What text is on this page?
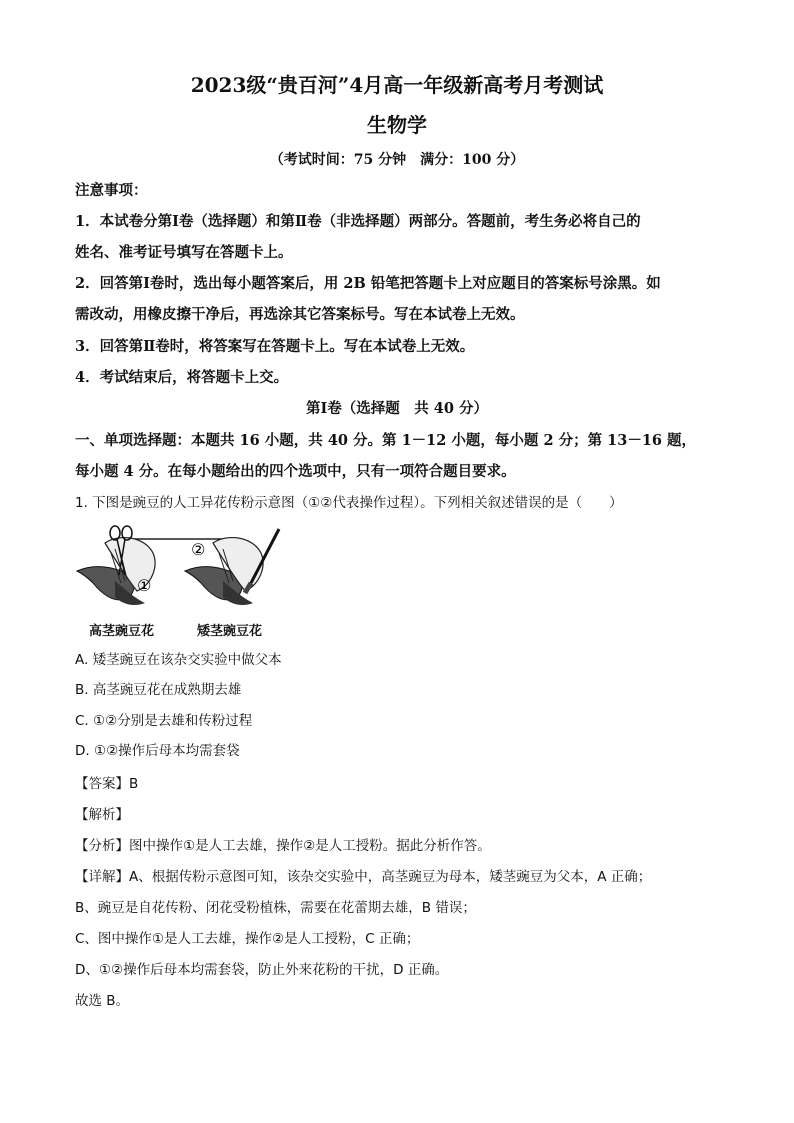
2023级“贵百河”4月高一年级新高考月考测试
生物学
（考试时间：75 分钟　满分：100 分）
注意事项：
1．本试卷分第Ⅰ卷（选择题）和第Ⅱ卷（非选择题）两部分。答题前，考生务必将自己的
姓名、准考证号填写在答题卡上。
2．回答第Ⅰ卷时，选出每小题答案后，用 2B 铅笔把答题卡上对应题目的答案标号涂黑。如
需改动，用橡皮擦干净后，再选涂其它答案标号。写在本试卷上无效。
3．回答第Ⅱ卷时，将答案写在答题卡上。写在本试卷上无效。
4．考试结束后，将答题卡上交。
第Ⅰ卷（选择题　共 40 分）
一、单项选择题：本题共 16 小题，共 40 分。第 1－12 小题，每小题 2 分；第 13－16 题，
每小题 4 分。在每小题给出的四个选项中，只有一项符合题目要求。
1. 下图是豌豆的人工异花传粉示意图（①②代表操作过程）。下列相关叙述错误的是（　　）
①
②
高茎豌豆花	矮茎豌豆花
A. 矮茎豌豆在该杂交实验中做父本
B. 高茎豌豆花在成熟期去雄
C. ①②分别是去雄和传粉过程
D. ①②操作后母本均需套袋
【答案】B
【解析】
【分析】图中操作①是人工去雄，操作②是人工授粉。据此分析作答。
【详解】A、根据传粉示意图可知，该杂交实验中，高茎豌豆为母本，矮茎豌豆为父本，A 正确；
B、豌豆是自花传粉、闭花受粉植株，需要在花蕾期去雄，B 错误；
C、图中操作①是人工去雄，操作②是人工授粉，C 正确；
D、①②操作后母本均需套袋，防止外来花粉的干扰，D 正确。
故选 B。
